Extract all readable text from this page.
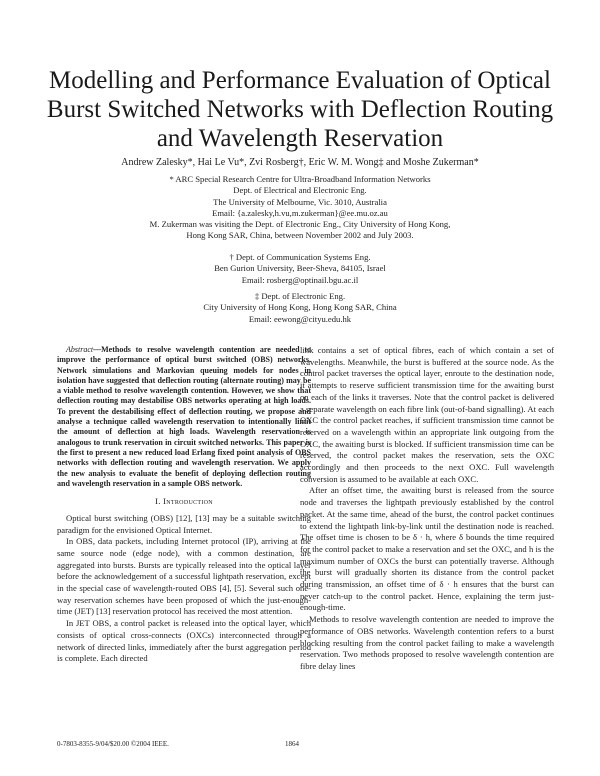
Modelling and Performance Evaluation of Optical
Burst Switched Networks with Deflection Routing
and Wavelength Reservation

Andrew Zalesky*, Hai Le Vu*, Zvi Rosberg†, Eric W. M. Wong‡ and Moshe Zukerman*

* ARC Special Research Centre for Ultra-Broadband Information Networks
Dept. of Electrical and Electronic Eng.
The University of Melbourne, Vic. 3010, Australia
Email: {a.zalesky,h.vu,m.zukerman}@ee.mu.oz.au
M. Zukerman was visiting the Dept. of Electronic Eng., City University of Hong Kong,
Hong Kong SAR, China, between November 2002 and July 2003.
† Dept. of Communication Systems Eng.
Ben Gurion University, Beer-Sheva, 84105, Israel
Email: rosberg@optinail.bgu.ac.il
‡ Dept. of Electronic Eng.
City University of Hong Kong, Hong Kong SAR, China
Email: eewong@cityu.edu.hk

Abstract—Methods to resolve wavelength contention are needed to improve the performance of optical burst switched (OBS) networks. Network simulations and Markovian queuing models for nodes in isolation have suggested that deflection routing (alternate routing) may be a viable method to resolve wavelength contention. However, we show that deflection routing may destabilise OBS networks operating at high loads. To prevent the destabilising effect of deflection routing, we propose and analyse a technique called wavelength reservation to intentionally limit the amount of deflection at high loads. Wavelength reservation is analogous to trunk reservation in circuit switched networks. This paper is the first to present a new reduced load Erlang fixed point analysis of OBS networks with deflection routing and wavelength reservation. We apply the new analysis to evaluate the benefit of deploying deflection routing and wavelength reservation in a sample OBS network.

I. Introduction

Optical burst switching (OBS) [12], [13] may be a suitable switching paradigm for the envisioned Optical Internet.

In OBS, data packets, including Internet protocol (IP), arriving at the same source node (edge node), with a common destination, are aggregated into bursts. Bursts are typically released into the optical layer before the acknowledgement of a successful lightpath reservation, except in the special case of wavelength-routed OBS [4], [5]. Several such one-way reservation schemes have been proposed of which the just-enough-time (JET) [13] reservation protocol has received the most attention.

In JET OBS, a control packet is released into the optical layer, which consists of optical cross-connects (OXCs) interconnected through a network of directed links, immediately after the burst aggregation period is complete. Each directed

link contains a set of optical fibres, each of which contain a set of wavelengths. Meanwhile, the burst is buffered at the source node. As the control packet traverses the optical layer, enroute to the destination node, it attempts to reserve sufficient transmission time for the awaiting burst on each of the links it traverses. Note that the control packet is delivered a separate wavelength on each fibre link (out-of-band signalling). At each OXC the control packet reaches, if sufficient transmission time cannot be reserved on a wavelength within an appropriate link outgoing from the OXC, the awaiting burst is blocked. If sufficient transmission time can be reserved, the control packet makes the reservation, sets the OXC accordingly and then proceeds to the next OXC. Full wavelength conversion is assumed to be available at each OXC.

After an offset time, the awaiting burst is released from the source node and traverses the lightpath previously established by the control packet. At the same time, ahead of the burst, the control packet continues to extend the lightpath link-by-link until the destination node is reached. The offset time is chosen to be δ · h, where δ bounds the time required for the control packet to make a reservation and set the OXC, and h is the maximum number of OXCs the burst can potentially traverse. Although the burst will gradually shorten its distance from the control packet during transmission, an offset time of δ · h ensures that the burst can never catch-up to the control packet. Hence, explaining the term just-enough-time.

Methods to resolve wavelength contention are needed to improve the performance of OBS networks. Wavelength contention refers to a burst blocking resulting from the control packet failing to make a wavelength reservation. Two methods proposed to resolve wavelength contention are fibre delay lines

0-7803-8355-9/04/$20.00 ©2004 IEEE.	1864
